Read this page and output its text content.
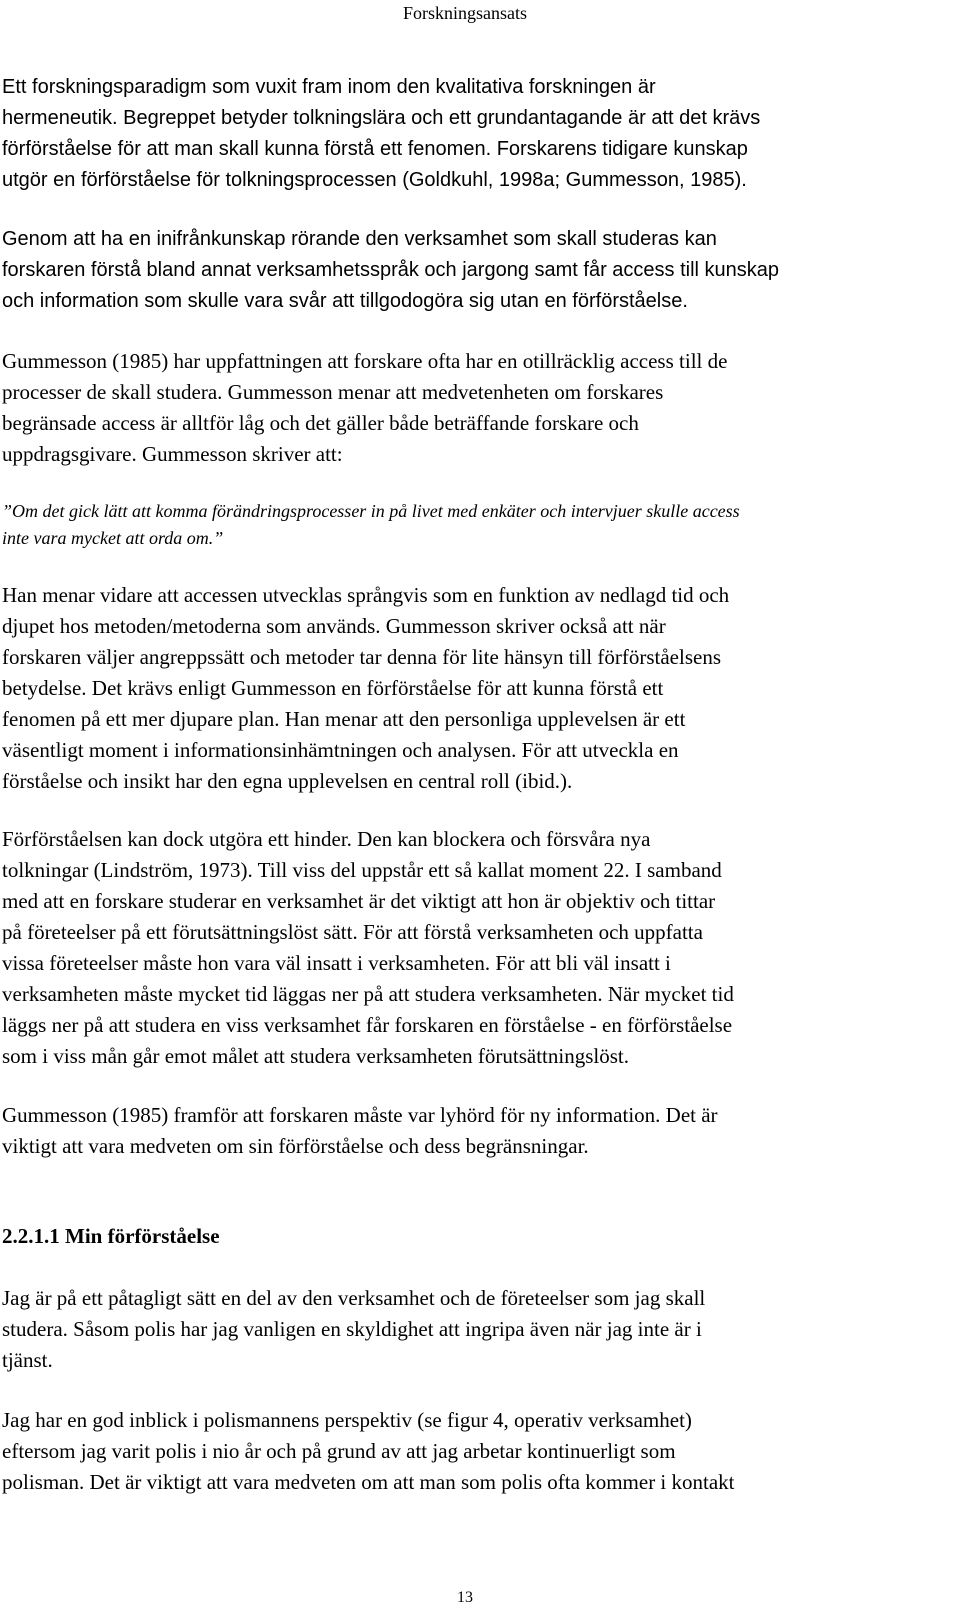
Forskningsansats

Ett forskningsparadigm som vuxit fram inom den kvalitativa forskningen är
hermeneutik. Begreppet betyder tolkningslära och ett grundantagande är att det krävs
förförståelse för att man skall kunna förstå ett fenomen. Forskarens tidigare kunskap
utgör en förförståelse för tolkningsprocessen (Goldkuhl, 1998a; Gummesson, 1985).

Genom att ha en inifrånkunskap rörande den verksamhet som skall studeras kan
forskaren förstå bland annat verksamhetsspråk och jargong samt får access till kunskap
och information som skulle vara svår att tillgodogöra sig utan en förförståelse.

Gummesson (1985) har uppfattningen att forskare ofta har en otillräcklig access till de
processer de skall studera. Gummesson menar att medvetenheten om forskares
begränsade access är alltför låg och det gäller både beträffande forskare och
uppdragsgivare. Gummesson skriver att:

”Om det gick lätt att komma förändringsprocesser in på livet med enkäter och intervjuer skulle access
inte vara mycket att orda om.”

Han menar vidare att accessen utvecklas språngvis som en funktion av nedlagd tid och
djupet hos metoden/metoderna som används. Gummesson skriver också att när
forskaren väljer angreppssätt och metoder tar denna för lite hänsyn till förförståelsens
betydelse. Det krävs enligt Gummesson en förförståelse för att kunna förstå ett
fenomen på ett mer djupare plan. Han menar att den personliga upplevelsen är ett
väsentligt moment i informationsinhämtningen och analysen. För att utveckla en
förståelse och insikt har den egna upplevelsen en central roll (ibid.).

Förförståelsen kan dock utgöra ett hinder. Den kan blockera och försvåra nya
tolkningar (Lindström, 1973). Till viss del uppstår ett så kallat moment 22. I samband
med att en forskare studerar en verksamhet är det viktigt att hon är objektiv och tittar
på företeelser på ett förutsättningslöst sätt. För att förstå verksamheten och uppfatta
vissa företeelser måste hon vara väl insatt i verksamheten. För att bli väl insatt i
verksamheten måste mycket tid läggas ner på att studera verksamheten. När mycket tid
läggs ner på att studera en viss verksamhet får forskaren en förståelse - en förförståelse
som i viss mån går emot målet att studera verksamheten förutsättningslöst.

Gummesson (1985) framför att forskaren måste var lyhörd för ny information. Det är
viktigt att vara medveten om sin förförståelse och dess begränsningar.

2.2.1.1 Min förförståelse

Jag är på ett påtagligt sätt en del av den verksamhet och de företeelser som jag skall
studera. Såsom polis har jag vanligen en skyldighet att ingripa även när jag inte är i
tjänst.

Jag har en god inblick i polismannens perspektiv (se figur 4, operativ verksamhet)
eftersom jag varit polis i nio år och på grund av att jag arbetar kontinuerligt som
polisman. Det är viktigt att vara medveten om att man som polis ofta kommer i kontakt

13
